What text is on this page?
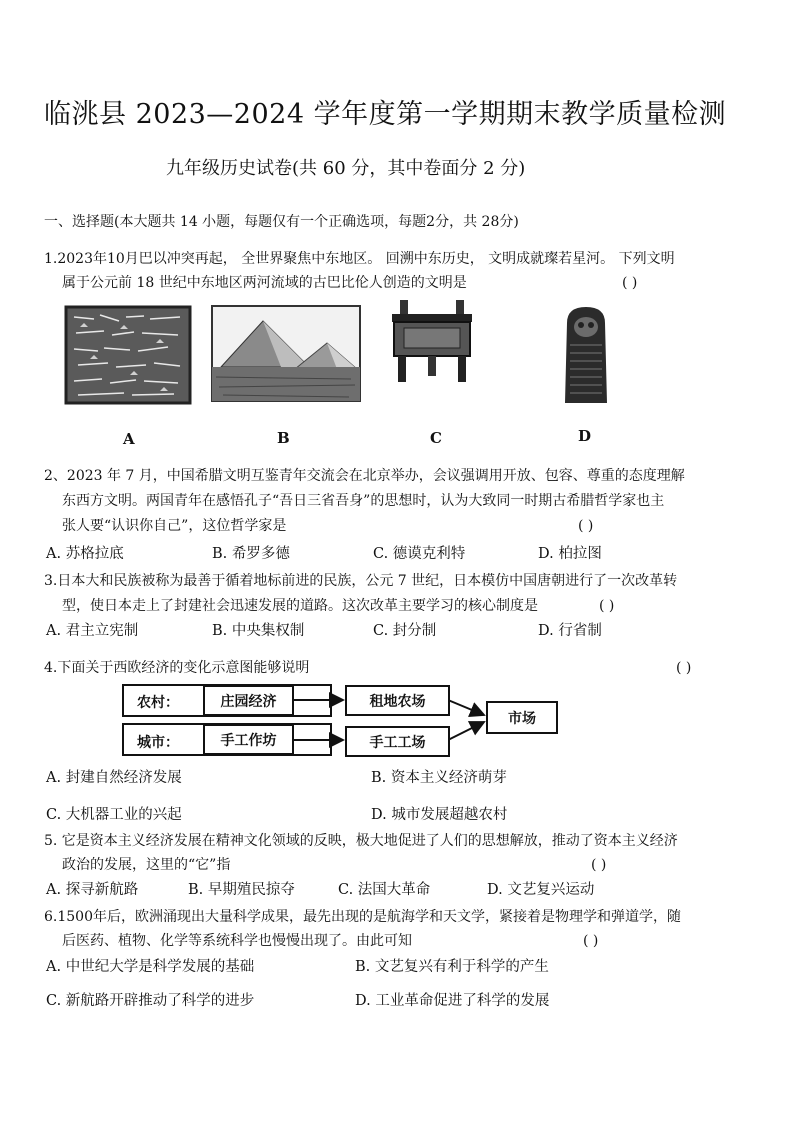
临洮县 2023—2024 学年度第一学期期末教学质量检测
九年级历史试卷(共 60 分，其中卷面分 2 分)
一、选择题(本大题共 14 小题，每题仅有一个正确选项，每题2分，共 28分)
1.2023年10月巴以冲突再起， 全世界聚焦中东地区。 回溯中东历史， 文明成就璨若星河。 下列文明
属于公元前 18 世纪中东地区两河流域的古巴比伦人创造的文明是	( )
A	B	C	D
2、2023 年 7 月，中国希腊文明互鉴青年交流会在北京举办，会议强调用开放、包容、尊重的态度理解
东西方文明。两国青年在感悟孔子“吾日三省吾身”的思想时，认为大致同一时期古希腊哲学家也主
张人要“认识你自己”，这位哲学家是	( )
A. 苏格拉底	B. 希罗多德	C. 德谟克利特	D. 柏拉图
3.日本大和民族被称为最善于循着地标前进的民族，公元 7 世纪，日本模仿中国唐朝进行了一次改革转
型，使日本走上了封建社会迅速发展的道路。这次改革主要学习的核心制度是	( )
A. 君主立宪制	B. 中央集权制	C. 封分制	D. 行省制
4.下面关于西欧经济的变化示意图能够说明	( )
农村：	庄园经济	租地农场
城市：	手工作坊	手工工场
市场
A. 封建自然经济发展	B. 资本主义经济萌芽
C. 大机器工业的兴起	D. 城市发展超越农村
5. 它是资本主义经济发展在精神文化领域的反映，极大地促进了人们的思想解放，推动了资本主义经济
政治的发展，这里的“它”指	( )
A. 探寻新航路	B. 早期殖民掠夺	C. 法国大革命	D. 文艺复兴运动
6.1500年后，欧洲涌现出大量科学成果，最先出现的是航海学和天文学，紧接着是物理学和弹道学，随
后医药、植物、化学等系统科学也慢慢出现了。由此可知	( )
A. 中世纪大学是科学发展的基础	B. 文艺复兴有利于科学的产生
C. 新航路开辟推动了科学的进步	D. 工业革命促进了科学的发展
